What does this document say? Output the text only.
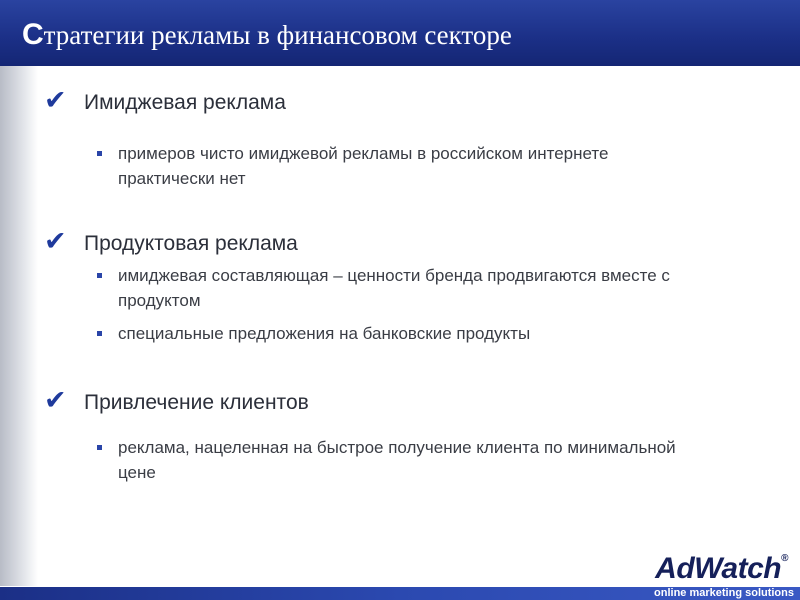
Стратегии рекламы в финансовом секторе
✔ Имиджевая реклама
примеров чисто имиджевой рекламы в российском интернете
практически нет
✔ Продуктовая реклама
имиджевая составляющая – ценности бренда продвигаются вместе с
продуктом
специальные предложения на банковские продукты
✔ Привлечение клиентов
реклама, нацеленная на быстрое получение клиента по минимальной
цене
AdWatch®
online marketing solutions
